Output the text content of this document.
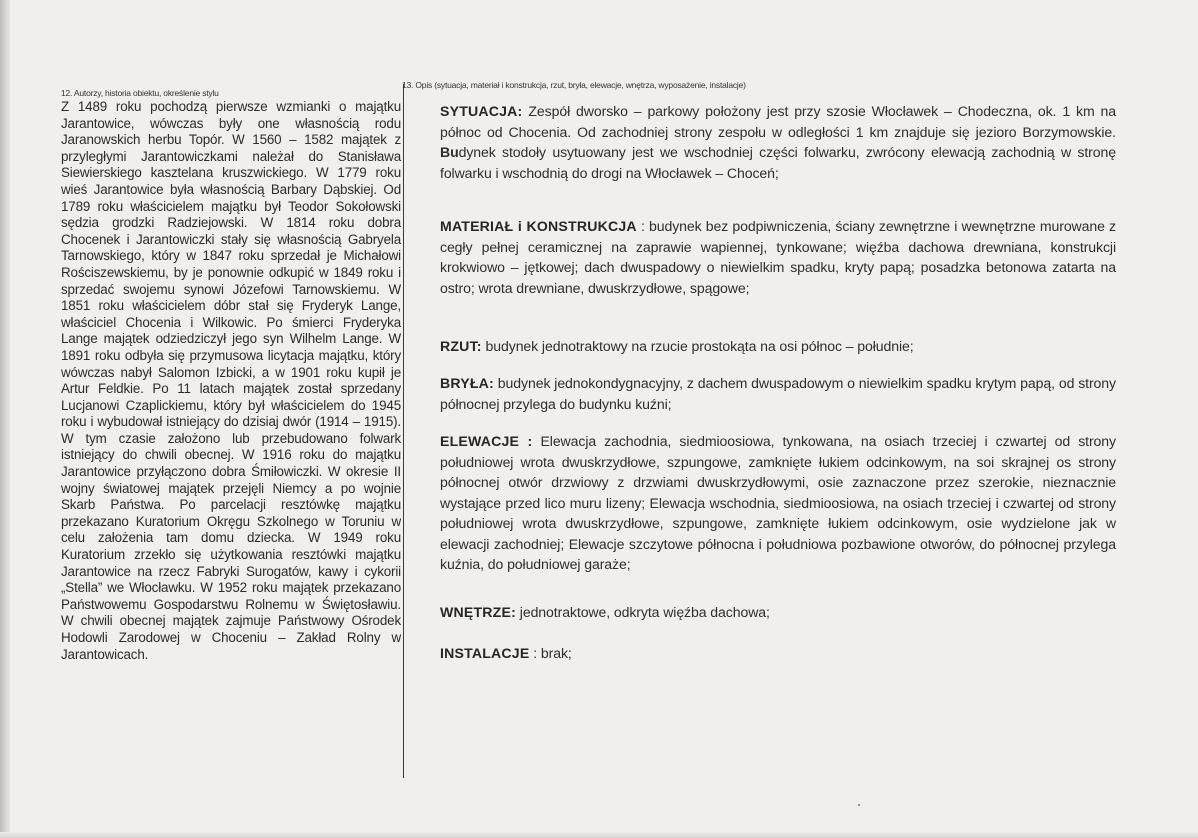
12. Autorzy, historia obiektu, określenie stylu
Z 1489 roku pochodzą pierwsze wzmianki o majątku Jarantowice, wówczas były one własnością rodu Jaranowskich herbu Topór. W 1560 – 1582 majątek z przyległymi Jarantowiczkami należał do Stanisława Siewierskiego kasztelana kruszwickiego. W 1779 roku wieś Jarantowice była własnością Barbary Dąbskiej. Od 1789 roku właścicielem majątku był Teodor Sokołowski sędzia grodzki Radziejowski. W 1814 roku dobra Chocenek i Jarantowiczki stały się własnością Gabryela Tarnowskiego, który w 1847 roku sprzedał je Michałowi Rościszewskiemu, by je ponownie odkupić w 1849 roku i sprzedać swojemu synowi Józefowi Tarnowskiemu. W 1851 roku właścicielem dóbr stał się Fryderyk Lange, właściciel Chocenia i Wilkowic. Po śmierci Fryderyka Lange majątek odziedziczył jego syn Wilhelm Lange. W 1891 roku odbyła się przymusowa licytacja majątku, który wówczas nabył Salomon Izbicki, a w 1901 roku kupił je Artur Feldkie. Po 11 latach majątek został sprzedany Lucjanowi Czaplickiemu, który był właścicielem do 1945 roku i wybudował istniejący do dzisiaj dwór (1914 – 1915). W tym czasie założono lub przebudowano folwark istniejący do chwili obecnej. W 1916 roku do majątku Jarantowice przyłączono dobra Śmiłowiczki. W okresie II wojny światowej majątek przejęli Niemcy a po wojnie Skarb Państwa. Po parcelacji resztówkę majątku przekazano Kuratorium Okręgu Szkolnego w Toruniu w celu założenia tam domu dziecka. W 1949 roku Kuratorium zrzekło się użytkowania resztówki majątku Jarantowice na rzecz Fabryki Surogatów, kawy i cykorii „Stella” we Włocławku. W 1952 roku majątek przekazano Państwowemu Gospodarstwu Rolnemu w Świętosławiu. W chwili obecnej majątek zajmuje Państwowy Ośrodek Hodowli Zarodowej w Choceniu – Zakład Rolny w Jarantowicach.
13. Opis (sytuacja, materiał i konstrukcja, rzut, bryła, elewacje, wnętrza, wyposażenie, instalacje)
SYTUACJA: Zespół dworsko – parkowy położony jest przy szosie Włocławek – Chodeczna, ok. 1 km na północ od Chocenia. Od zachodniej strony zespołu w odległości 1 km znajduje się jezioro Borzymowskie. Budynek stodoły usytuowany jest we wschodniej części folwarku, zwrócony elewacją zachodnią w stronę folwarku i wschodnią do drogi na Włocławek – Choceń;
MATERIAŁ i KONSTRUKCJA : budynek bez podpiwniczenia, ściany zewnętrzne i wewnętrzne murowane z cegły pełnej ceramicznej na zaprawie wapiennej, tynkowane; więźba dachowa drewniana, konstrukcji krokwiowo – jętkowej; dach dwuspadowy o niewielkim spadku, kryty papą; posadzka betonowa zatarta na ostro; wrota drewniane, dwuskrzydłowe, spągowe;
RZUT: budynek jednotraktowy na rzucie prostokąta na osi północ – południe;
BRYŁA: budynek jednokondygnacyjny, z dachem dwuspadowym o niewielkim spadku krytym papą, od strony północnej przylega do budynku kuźni;
ELEWACJE : Elewacja zachodnia, siedmioosiowa, tynkowana, na osiach trzeciej i czwartej od strony południowej wrota dwuskrzydłowe, szpungowe, zamknięte łukiem odcinkowym, na soi skrajnej os strony północnej otwór drzwiowy z drzwiami dwuskrzydłowymi, osie zaznaczone przez szerokie, nieznacznie wystające przed lico muru lizeny; Elewacja wschodnia, siedmioosiowa, na osiach trzeciej i czwartej od strony południowej wrota dwuskrzydłowe, szpungowe, zamknięte łukiem odcinkowym, osie wydzielone jak w elewacji zachodniej; Elewacje szczytowe północna i południowa pozbawione otworów, do północnej przylega kuźnia, do południowej garaże;
WNĘTRZE: jednotraktowe, odkryta więźba dachowa;
INSTALACJE : brak;
